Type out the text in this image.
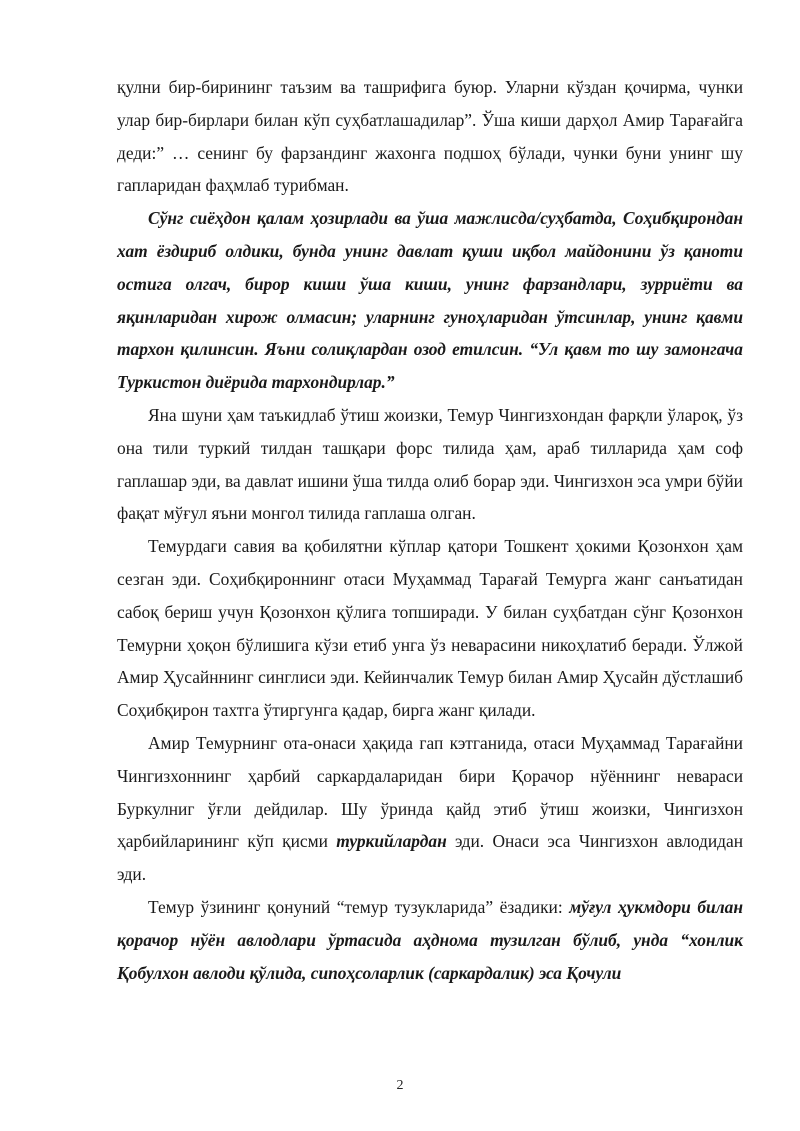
қулни бир-бирининг таъзим ва ташрифига буюр. Уларни кўздан қочирма, чунки улар бир-бирлари билан кўп суҳбатлашадилар”. Ўша киши дарҳол Амир Тарағайга деди:” … сенинг бу фарзандинг жахонга подшоҳ бўлади, чунки буни унинг шу гапларидан фаҳмлаб турибман.

Сўнг сиёҳдон қалам ҳозирлади ва ўша мажлисда/суҳбатда, Соҳибқирондан хат ёздириб олдики, бунда унинг давлат қуши иқбол майдонини ўз қаноти остига олгач, бирор киши ўша киши, унинг фарзандлари, зурриёти ва яқинларидан хирож олмасин; уларнинг гуноҳларидан ўтсинлар, унинг қавми тархон қилинсин. Яъни солиқлардан озод етилсин. “Ул қавм то шу замонгача Туркистон диёрида тархондирлар.”

Яна шуни ҳам таъкидлаб ўтиш жоизки, Темур Чингизхондан фарқли ўлароқ, ўз она тили туркий тилдан ташқари форс тилида ҳам, араб тилларида ҳам соф гаплашар эди, ва давлат ишини ўша тилда олиб борар эди. Чингизхон эса умри бўйи фақат мўғул яъни монгол тилида гаплаша олган.

Темурдаги савия ва қобилятни кўплар қатори Тошкент ҳокими Қозонхон ҳам сезган эди. Соҳибқироннинг отаси Муҳаммад Тарағай Темурга жанг санъатидан сабоқ бериш учун Қозонхон қўлига топширади. У билан суҳбатдан сўнг Қозонхон Темурни ҳоқон бўлишига кўзи етиб унга ўз неварасини никоҳлатиб беради. Ўлжой Амир Ҳусайннинг синглиси эди. Кейинчалик Темур билан Амир Ҳусайн дўстлашиб Соҳибқирон тахтга ўтиргунга қадар, бирга жанг қилади.

Амир Темурнинг ота-онаси ҳақида гап кэтганида, отаси Муҳаммад Тарағайни Чингизхоннинг ҳарбий саркардаларидан бири Қорачор нўённинг невараси Буркулниг ўғли дейдилар. Шу ўринда қайд этиб ўтиш жоизки, Чингизхон ҳарбийларининг кўп қисми туркийлардан эди. Онаси эса Чингизхон авлодидан эди.

Темур ўзининг қонуний “темур тузукларида” ёзадики: мўғул ҳукмдори билан қорачор нўён авлодлари ўртасида аҳднома тузилган бўлиб, унда “хонлик Қобулхон авлоди қўлида, сипоҳсоларлик (саркардалик) эса Қочули

2
